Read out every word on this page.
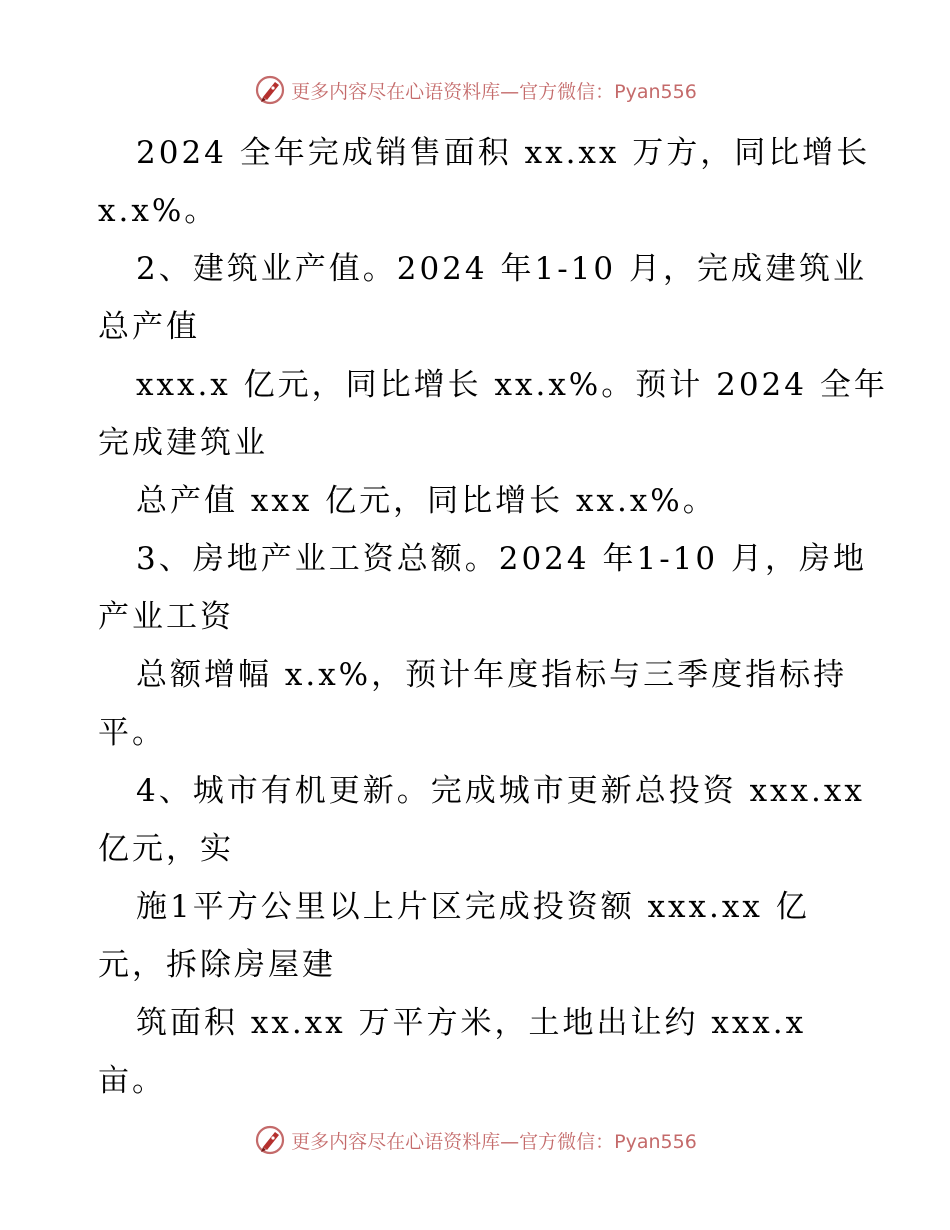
更多内容尽在心语资料库—官方微信：Pyan556
2024 全年完成销售面积 xx.xx 万方，同比增长
x.x%。
2、建筑业产值。2024 年1-10 月，完成建筑业
总产值
xxx.x 亿元，同比增长 xx.x%。预计 2024 全年
完成建筑业
总产值 xxx 亿元，同比增长 xx.x%。
3、房地产业工资总额。2024 年1-10 月，房地
产业工资
总额增幅 x.x%，预计年度指标与三季度指标持
平。
4、城市有机更新。完成城市更新总投资 xxx.xx
亿元，实
施1平方公里以上片区完成投资额 xxx.xx 亿
元，拆除房屋建
筑面积 xx.xx 万平方米，土地出让约 xxx.x
亩。
更多内容尽在心语资料库—官方微信：Pyan556
